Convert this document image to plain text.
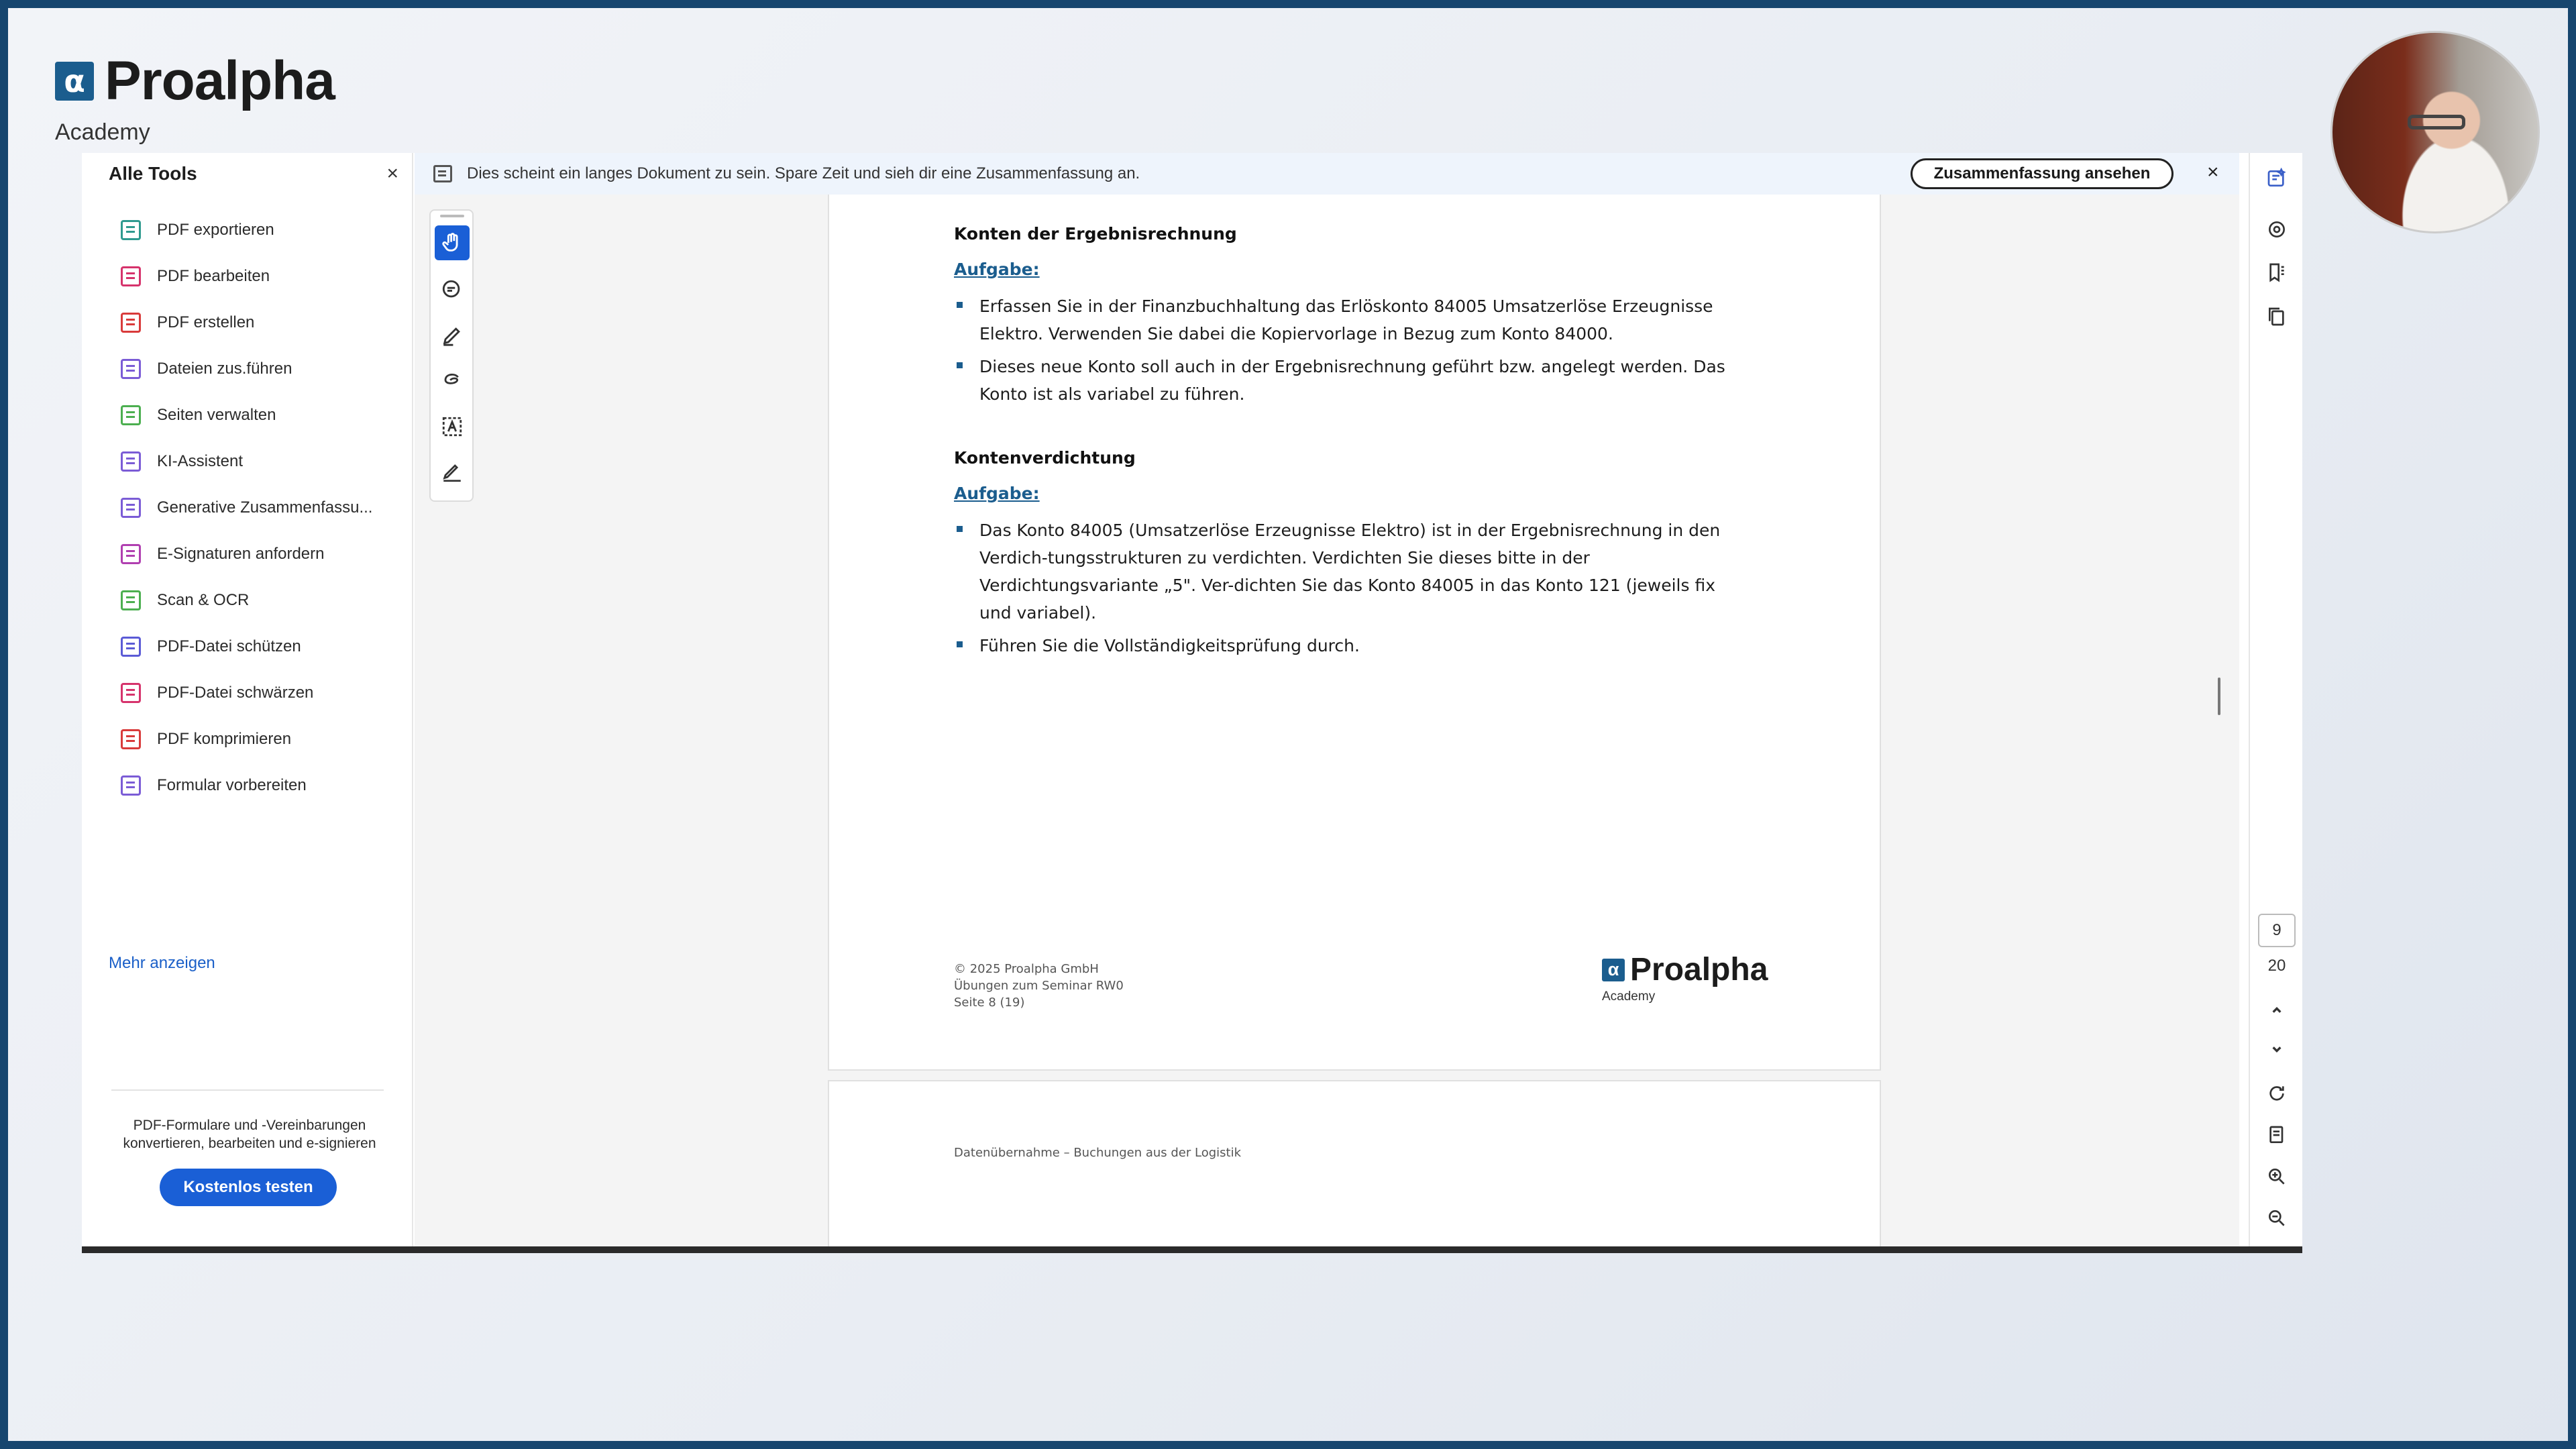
α Proalpha
Academy
Alle Tools	×
PDF exportieren
PDF bearbeiten
PDF erstellen
Dateien zus.führen
Seiten verwalten
KI-Assistent
Generative Zusammenfassu...
E-Signaturen anfordern
Scan & OCR
PDF-Datei schützen
PDF-Datei schwärzen
PDF komprimieren
Formular vorbereiten
Mehr anzeigen
PDF-Formulare und -Vereinbarungen konvertieren, bearbeiten und e-signieren
Kostenlos testen
Dies scheint ein langes Dokument zu sein. Spare Zeit und sieh dir eine Zusammenfassung an.	Zusammenfassung ansehen	×
Konten der Ergebnisrechnung
Aufgabe:
Erfassen Sie in der Finanzbuchhaltung das Erlöskonto 84005 Umsatzerlöse Erzeugnisse Elektro. Verwenden Sie dabei die Kopiervorlage in Bezug zum Konto 84000.
Dieses neue Konto soll auch in der Ergebnisrechnung geführt bzw. angelegt werden. Das Konto ist als variabel zu führen.
Kontenverdichtung
Aufgabe:
Das Konto 84005 (Umsatzerlöse Erzeugnisse Elektro) ist in der Ergebnisrechnung in den Verdich-tungsstrukturen zu verdichten. Verdichten Sie dieses bitte in der Verdichtungsvariante „5". Ver-dichten Sie das Konto 84005 in das Konto 121 (jeweils fix und variabel).
Führen Sie die Vollständigkeitsprüfung durch.
© 2025 Proalpha GmbH
Übungen zum Seminar RW0
Seite 8 (19)
α Proalpha
Academy
Datenübernahme – Buchungen aus der Logistik
9
20
